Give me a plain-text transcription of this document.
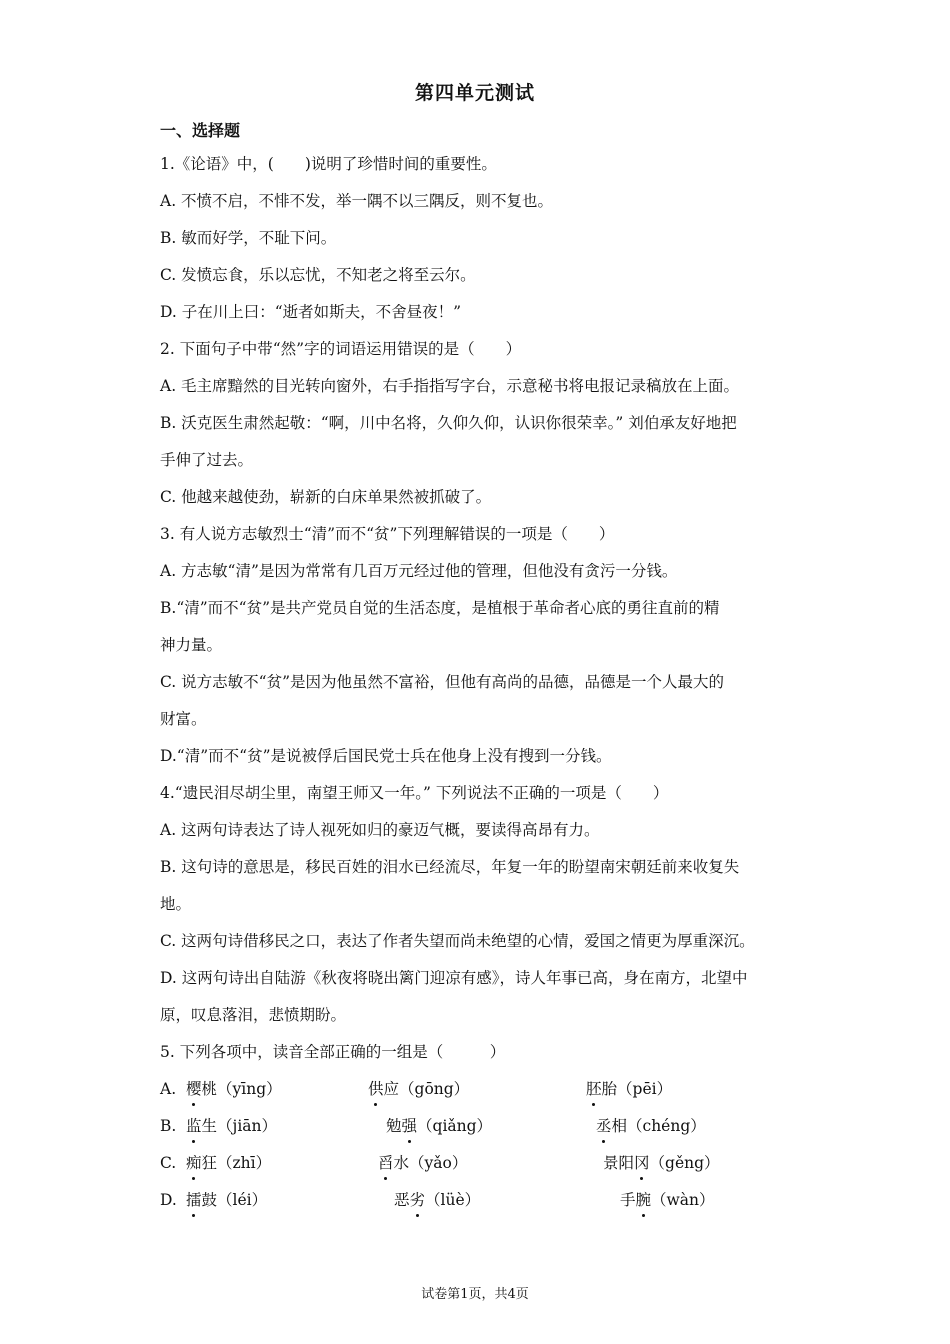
第四单元测试
一、选择题
1.《论语》中，(　　)说明了珍惜时间的重要性。
A. 不愤不启，不悱不发，举一隅不以三隅反，则不复也。
B. 敏而好学，不耻下问。
C. 发愤忘食，乐以忘忧，不知老之将至云尔。
D. 子在川上曰：“逝者如斯夫，不舍昼夜！”
2. 下面句子中带“然”字的词语运用错误的是（　　）
A. 毛主席黯然的目光转向窗外，右手指指写字台，示意秘书将电报记录稿放在上面。
B. 沃克医生肃然起敬：“啊，川中名将，久仰久仰，认识你很荣幸。” 刘伯承友好地把
手伸了过去。
C. 他越来越使劲，崭新的白床单果然被抓破了。
3. 有人说方志敏烈士“清”而不“贫”下列理解错误的一项是（　　）
A. 方志敏“清”是因为常常有几百万元经过他的管理，但他没有贪污一分钱。
B.“清”而不“贫”是共产党员自觉的生活态度，是植根于革命者心底的勇往直前的精
神力量。
C. 说方志敏不“贫”是因为他虽然不富裕，但他有高尚的品德，品德是一个人最大的
财富。
D.“清”而不“贫”是说被俘后国民党士兵在他身上没有搜到一分钱。
4.“遗民泪尽胡尘里，南望王师又一年。” 下列说法不正确的一项是（　　）
A. 这两句诗表达了诗人视死如归的豪迈气概，要读得高昂有力。
B. 这句诗的意思是，移民百姓的泪水已经流尽，年复一年的盼望南宋朝廷前来收复失
地。
C. 这两句诗借移民之口，表达了作者失望而尚未绝望的心情，爱国之情更为厚重深沉。
D. 这两句诗出自陆游《秋夜将晓出篱门迎凉有感》，诗人年事已高，身在南方，北望中
原，叹息落泪，悲愤期盼。
5. 下列各项中，读音全部正确的一组是（　　　）
A. 樱桃（yīng）	供应（gōng）	胚胎（pēi）
B. 监生（jiān）	勉强（qiǎng）	丞相（chéng）
C. 痴狂（zhī）	舀水（yǎo）	景阳冈（gěng）
D. 擂鼓（léi）	恶劣（lüè）	手腕（wàn）
试卷第1页，共4页
